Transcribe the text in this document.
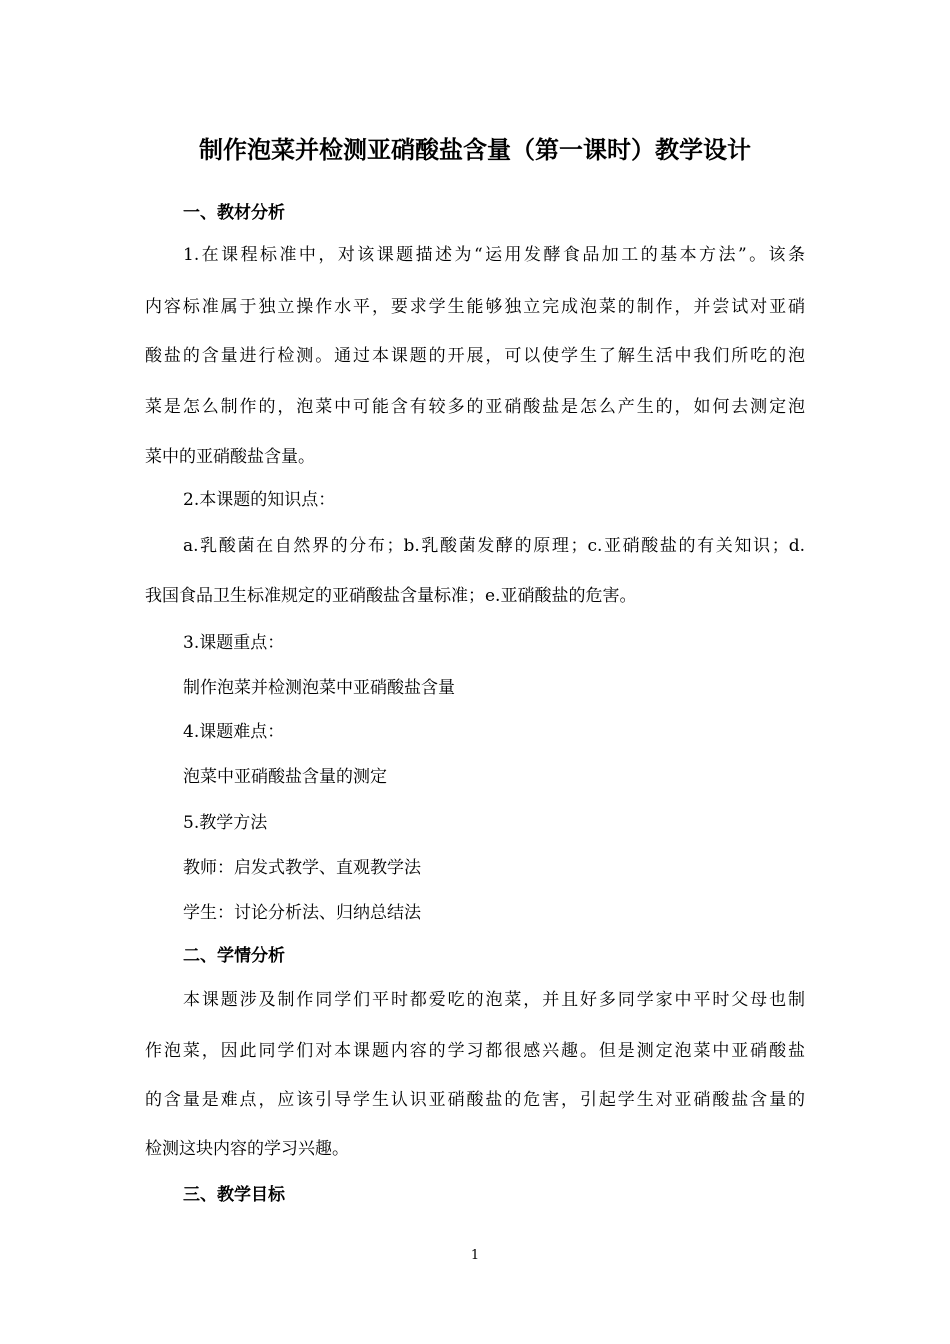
制作泡菜并检测亚硝酸盐含量（第一课时）教学设计
一、教材分析
1.在课程标准中，对该课题描述为“运用发酵食品加工的基本方法”。该条
内容标准属于独立操作水平，要求学生能够独立完成泡菜的制作，并尝试对亚硝
酸盐的含量进行检测。通过本课题的开展，可以使学生了解生活中我们所吃的泡
菜是怎么制作的，泡菜中可能含有较多的亚硝酸盐是怎么产生的，如何去测定泡
菜中的亚硝酸盐含量。
2.本课题的知识点：
a.乳酸菌在自然界的分布；b.乳酸菌发酵的原理；c.亚硝酸盐的有关知识；d.
我国食品卫生标准规定的亚硝酸盐含量标准；e.亚硝酸盐的危害。
3.课题重点：
制作泡菜并检测泡菜中亚硝酸盐含量
4.课题难点：
泡菜中亚硝酸盐含量的测定
5.教学方法
教师：启发式教学、直观教学法
学生：讨论分析法、归纳总结法
二、学情分析
本课题涉及制作同学们平时都爱吃的泡菜，并且好多同学家中平时父母也制
作泡菜，因此同学们对本课题内容的学习都很感兴趣。但是测定泡菜中亚硝酸盐
的含量是难点，应该引导学生认识亚硝酸盐的危害，引起学生对亚硝酸盐含量的
检测这块内容的学习兴趣。
三、教学目标
1
